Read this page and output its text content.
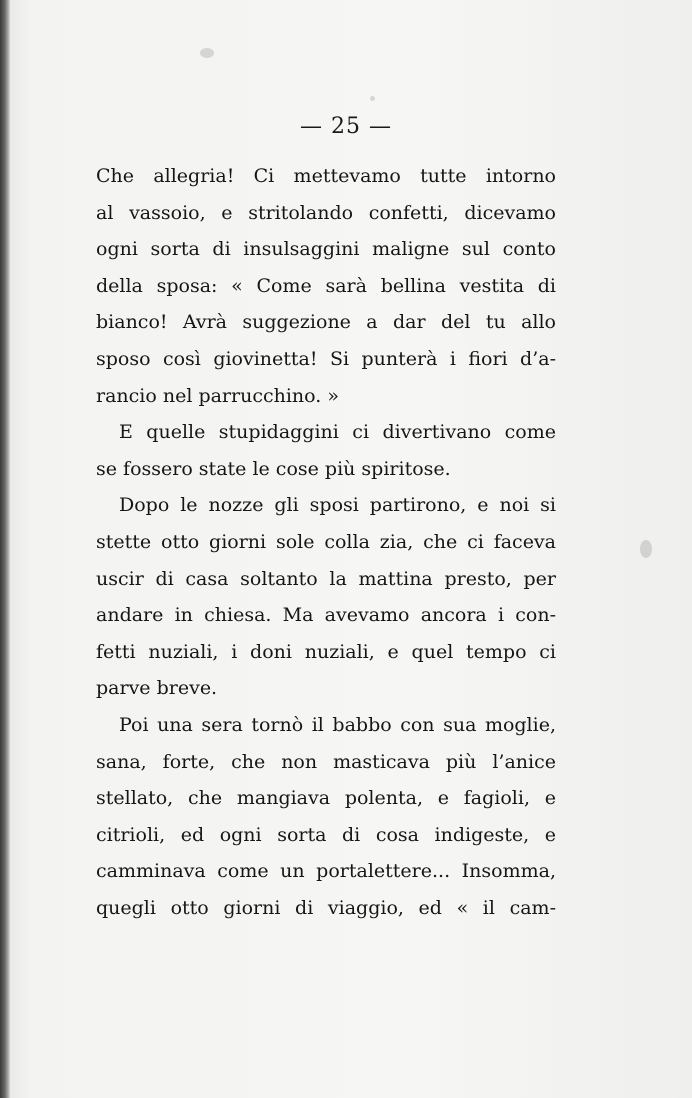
— 25 —
Che allegria! Ci mettevamo tutte intorno
al vassoio, e stritolando confetti, dicevamo
ogni sorta di insulsaggini maligne sul conto
della sposa: « Come sarà bellina vestita di
bianco! Avrà suggezione a dar del tu allo
sposo così giovinetta! Si punterà i fiori d’a-
rancio nel parrucchino. »
E quelle stupidaggini ci divertivano come
se fossero state le cose più spiritose.
Dopo le nozze gli sposi partirono, e noi si
stette otto giorni sole colla zia, che ci faceva
uscir di casa soltanto la mattina presto, per
andare in chiesa. Ma avevamo ancora i con-
fetti nuziali, i doni nuziali, e quel tempo ci
parve breve.
Poi una sera tornò il babbo con sua moglie,
sana, forte, che non masticava più l’anice
stellato, che mangiava polenta, e fagioli, e
citrioli, ed ogni sorta di cosa indigeste, e
camminava come un portalettere... Insomma,
quegli otto giorni di viaggio, ed « il cam-
